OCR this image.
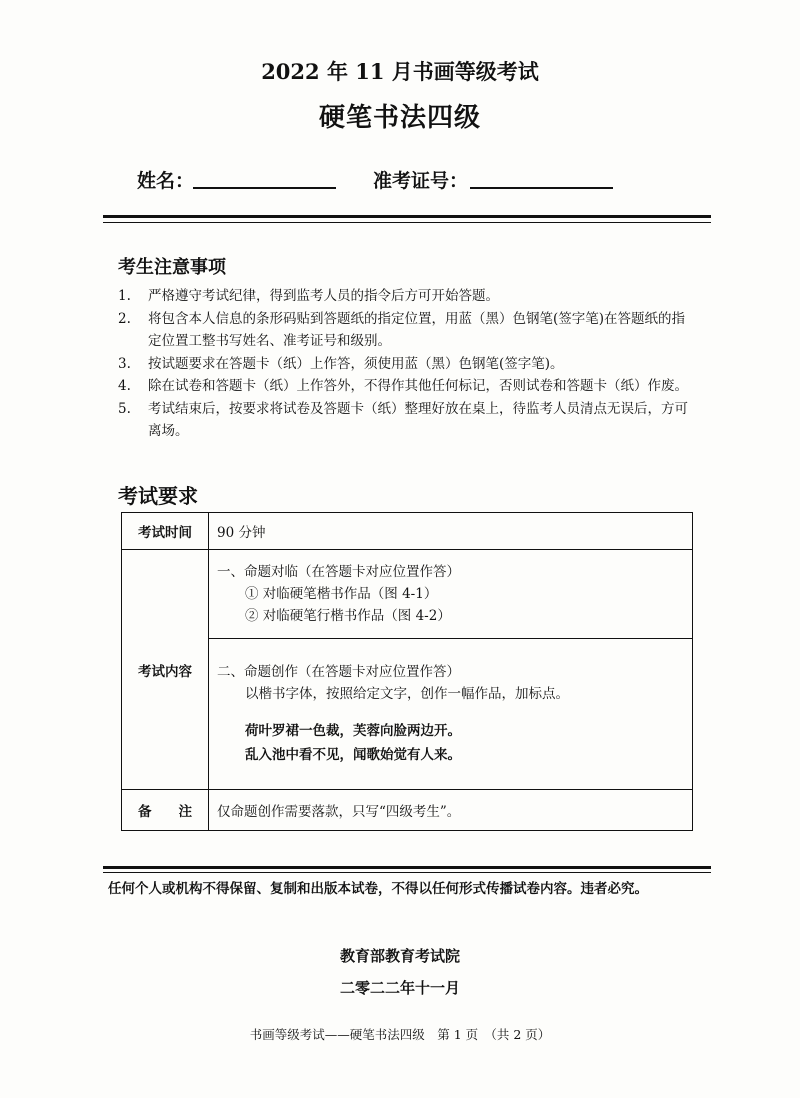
2022 年 11 月书画等级考试
硬笔书法四级
姓名：	准考证号：
考生注意事项
1.	严格遵守考试纪律，得到监考人员的指令后方可开始答题。
2.	将包含本人信息的条形码贴到答题纸的指定位置，用蓝（黑）色钢笔(签字笔)在答题纸的指定位置工整书写姓名、准考证号和级别。
3.	按试题要求在答题卡（纸）上作答，须使用蓝（黑）色钢笔(签字笔)。
4.	除在试卷和答题卡（纸）上作答外，不得作其他任何标记，否则试卷和答题卡（纸）作废。
5.	考试结束后，按要求将试卷及答题卡（纸）整理好放在桌上，待监考人员清点无误后，方可离场。
考试要求
考试时间	90 分钟
考试内容	一、命题对临（在答题卡对应位置作答）
① 对临硬笔楷书作品（图 4-1）
② 对临硬笔行楷书作品（图 4-2）

	二、命题创作（在答题卡对应位置作答）
以楷书字体，按照给定文字，创作一幅作品，加标点。
荷叶罗裙一色裁，芙蓉向脸两边开。
乱入池中看不见，闻歌始觉有人来。

备　　注	仅命题创作需要落款，只写“四级考生”。
任何个人或机构不得保留、复制和出版本试卷，不得以任何形式传播试卷内容。违者必究。
教育部教育考试院
二零二二年十一月
书画等级考试——硬笔书法四级　第 1 页　（共 2 页）
